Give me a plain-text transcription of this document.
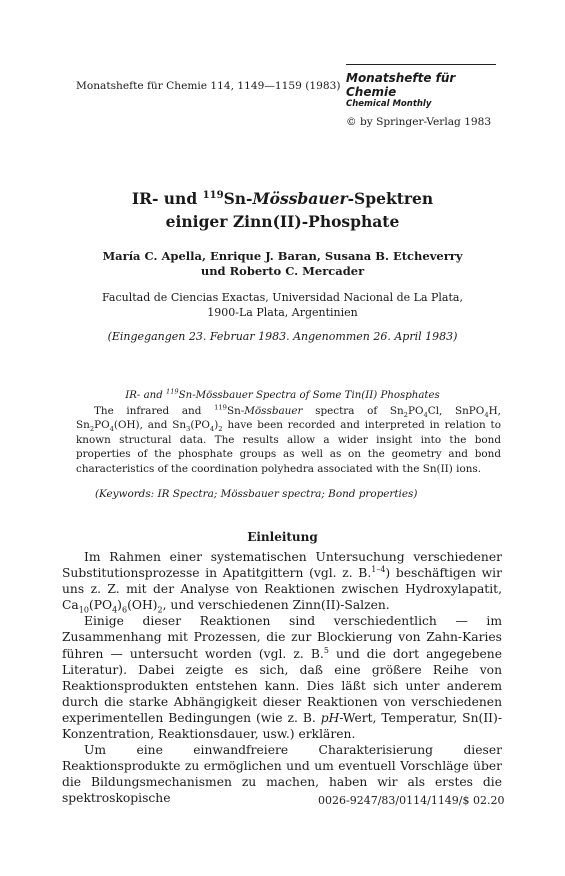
Monatshefte für Chemie 114, 1149—1159 (1983)
Monatshefte für Chemie
Chemical Monthly
© by Springer-Verlag 1983
IR- und $^{119}$Sn-Mössbauer-Spektren
einiger Zinn(II)-Phosphate
María C. Apella, Enrique J. Baran, Susana B. Etcheverry
und Roberto C. Mercader
Facultad de Ciencias Exactas, Universidad Nacional de La Plata,
1900-La Plata, Argentinien
(Eingegangen 23. Februar 1983. Angenommen 26. April 1983)
IR- and $^{119}$Sn-Mössbauer Spectra of Some Tin(II) Phosphates
The infrared and $^{119}$Sn-Mössbauer spectra of $Sn_2PO_4Cl$, SnPO$_4$H, $Sn_2PO_4(OH)$, and $Sn_3(PO_4)_2$ have been recorded and interpreted in relation to known structural data. The results allow a wider insight into the bond properties of the phosphate groups as well as on the geometry and bond characteristics of the coordination polyhedra associated with the Sn(II) ions.
(Keywords: IR Spectra; Mössbauer spectra; Bond properties)
Einleitung

Im Rahmen einer systematischen Untersuchung verschiedener Substitutionsprozesse in Apatitgittern (vgl. z. B.$^{1-4}$) beschäftigen wir uns z. Z. mit der Analyse von Reaktionen zwischen Hydroxylapatit, $Ca_{10}(PO_4)_6(OH)_2$, und verschiedenen Zinn(II)-Salzen.

Einige dieser Reaktionen sind verschiedentlich — im Zusammenhang mit Prozessen, die zur Blockierung von Zahn-Karies führen — untersucht worden (vgl. z. B.$^5$ und die dort angegebene Literatur). Dabei zeigte es sich, daß eine größere Reihe von Reaktionsprodukten entstehen kann. Dies läßt sich unter anderem durch die starke Abhängigkeit dieser Reaktionen von verschiedenen experimentellen Bedingungen (wie z. B. pH-Wert, Temperatur, Sn(II)-Konzentration, Reaktionsdauer, usw.) erklären.

Um eine einwandfreiere Charakterisierung dieser Reaktionsprodukte zu ermöglichen und um eventuell Vorschläge über die Bildungsmechanismen zu machen, haben wir als erstes die spektroskopische	0026-9247/83/0114/1149/$ 02.20
